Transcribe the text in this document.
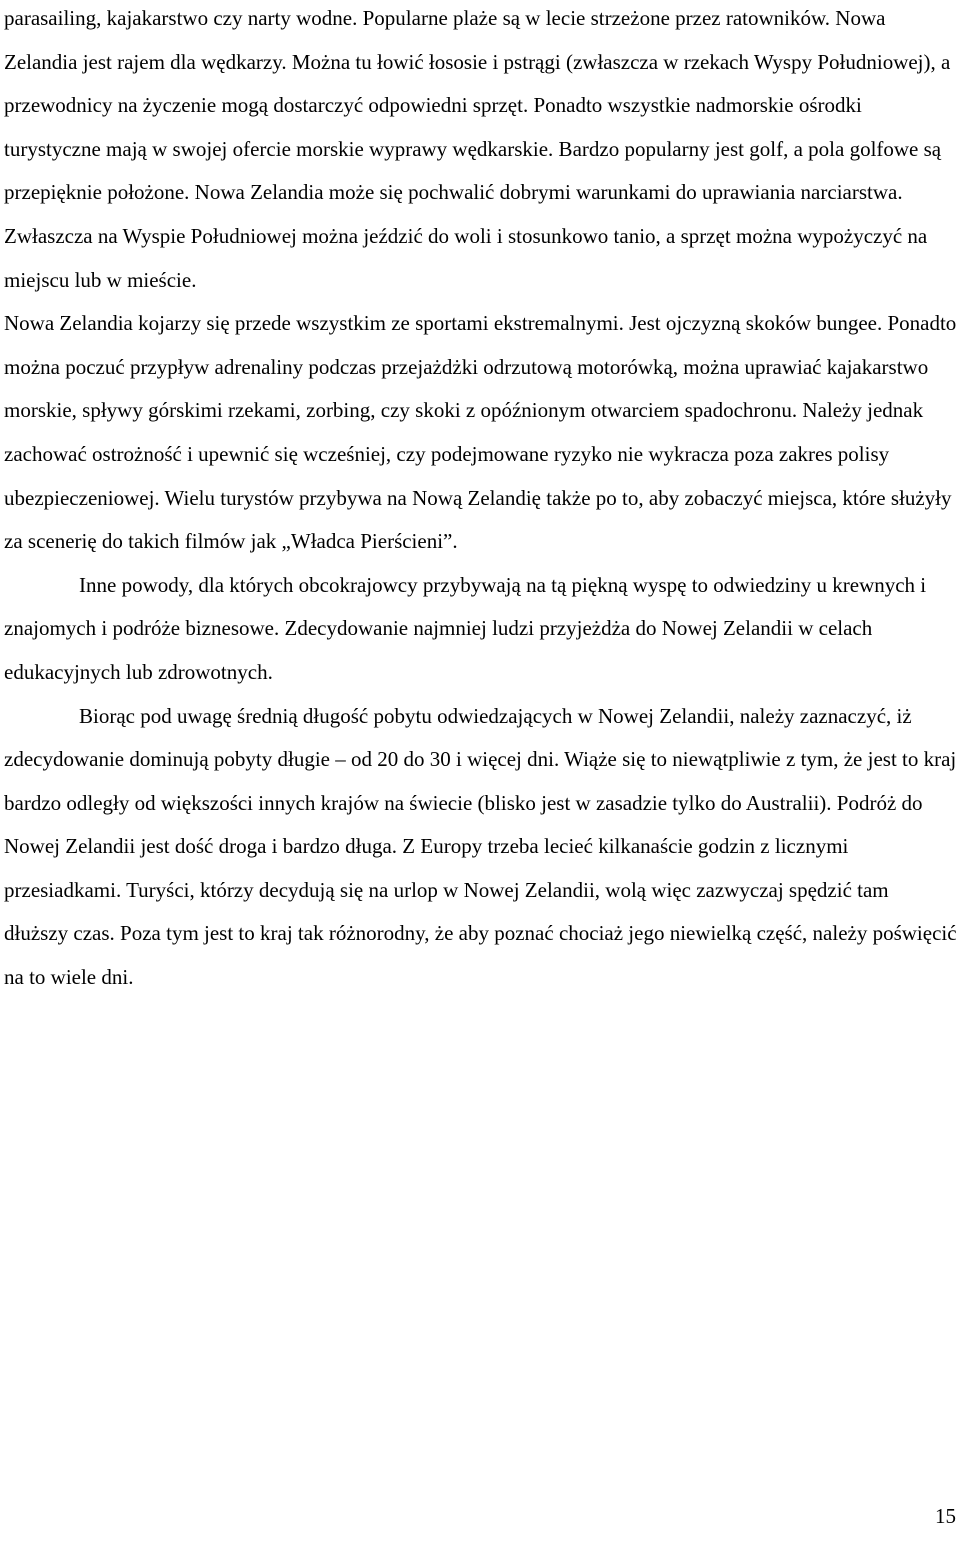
parasailing, kajakarstwo czy narty wodne. Popularne plaże są w lecie strzeżone przez ratowników. Nowa Zelandia jest rajem dla wędkarzy. Można tu łowić łososie i pstrągi (zwłaszcza w rzekach Wyspy Południowej), a przewodnicy na życzenie mogą dostarczyć odpowiedni sprzęt. Ponadto wszystkie nadmorskie ośrodki turystyczne mają w swojej ofercie morskie wyprawy wędkarskie. Bardzo popularny jest golf, a pola golfowe są przepięknie położone. Nowa Zelandia może się pochwalić dobrymi warunkami do uprawiania narciarstwa. Zwłaszcza na Wyspie Południowej można jeździć do woli i stosunkowo tanio, a sprzęt można wypożyczyć na miejscu lub w mieście.

Nowa Zelandia kojarzy się przede wszystkim ze sportami ekstremalnymi. Jest ojczyzną skoków bungee. Ponadto można poczuć przypływ adrenaliny podczas przejażdżki odrzutową motorówką, można uprawiać kajakarstwo morskie, spływy górskimi rzekami, zorbing, czy skoki z opóźnionym otwarciem spadochronu. Należy jednak zachować ostrożność i upewnić się wcześniej, czy podejmowane ryzyko nie wykracza poza zakres polisy ubezpieczeniowej. Wielu turystów przybywa na Nową Zelandię także po to, aby zobaczyć miejsca, które służyły za scenerię do takich filmów jak „Władca Pierścieni”.

Inne powody, dla których obcokrajowcy przybywają na tą piękną wyspę to odwiedziny u krewnych i znajomych i podróże biznesowe. Zdecydowanie najmniej ludzi przyjeżdża do Nowej Zelandii w celach edukacyjnych lub zdrowotnych.

Biorąc pod uwagę średnią długość pobytu odwiedzających w Nowej Zelandii, należy zaznaczyć, iż zdecydowanie dominują pobyty długie – od 20 do 30 i więcej dni. Wiąże się to niewątpliwie z tym, że jest to kraj bardzo odległy od większości innych krajów na świecie (blisko jest w zasadzie tylko do Australii). Podróż do Nowej Zelandii jest dość droga i bardzo długa. Z Europy trzeba lecieć kilkanaście godzin z licznymi przesiadkami. Turyści, którzy decydują się na urlop w Nowej Zelandii, wolą więc zazwyczaj spędzić tam dłuższy czas. Poza tym jest to kraj tak różnorodny, że aby poznać chociaż jego niewielką część, należy poświęcić na to wiele dni.

15
